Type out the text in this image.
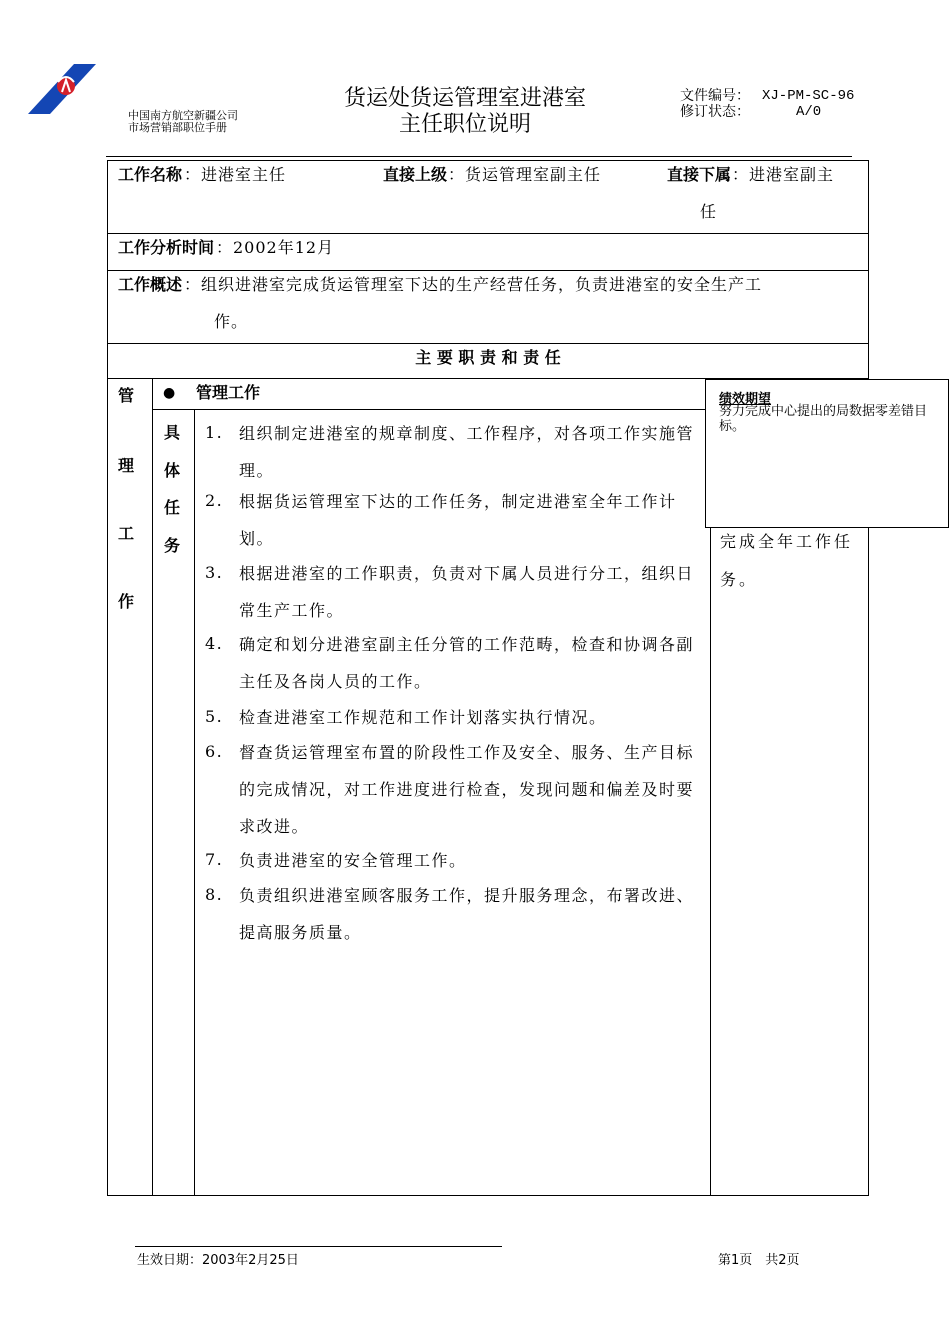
中国南方航空新疆公司
市场营销部职位手册
货运处货运管理室进港室
主任职位说明
文件编号： XJ-PM-SC-96
修订状态：	A/0
工作名称 ：进港室主任	直接上级 ：货运管理室副主任	直接下属 ：进港室副主
任
工作分析时间 ：2002年12月
工作概述 ：组织进港室完成货运管理室下达的生产经营任务，负责进港室的安全生产工
作。
主 要 职 责 和 责 任
管
理
工
作
● 管理工作
具
体
任
务
1. 组织制定进港室的规章制度、工作程序，对各项工作实施管理。
2. 根据货运管理室下达的工作任务，制定进港室全年工作计划。
3. 根据进港室的工作职责，负责对下属人员进行分工，组织日常生产工作。
4. 确定和划分进港室副主任分管的工作范畴，检查和协调各副主任及各岗人员的工作。
5. 检查进港室工作规范和工作计划落实执行情况。
6. 督查货运管理室布置的阶段性工作及安全、服务、生产目标的完成情况，对工作进度进行检查，发现问题和偏差及时要求改进。
7. 负责进港室的安全管理工作。
8. 负责组织进港室顾客服务工作，提升服务理念，布署改进、提高服务质量。
完成全年工作任
务。
绩效期望
努力完成中心提出的局数据零差错目标。
生效日期：2003年2月25日	第1页　共2页
